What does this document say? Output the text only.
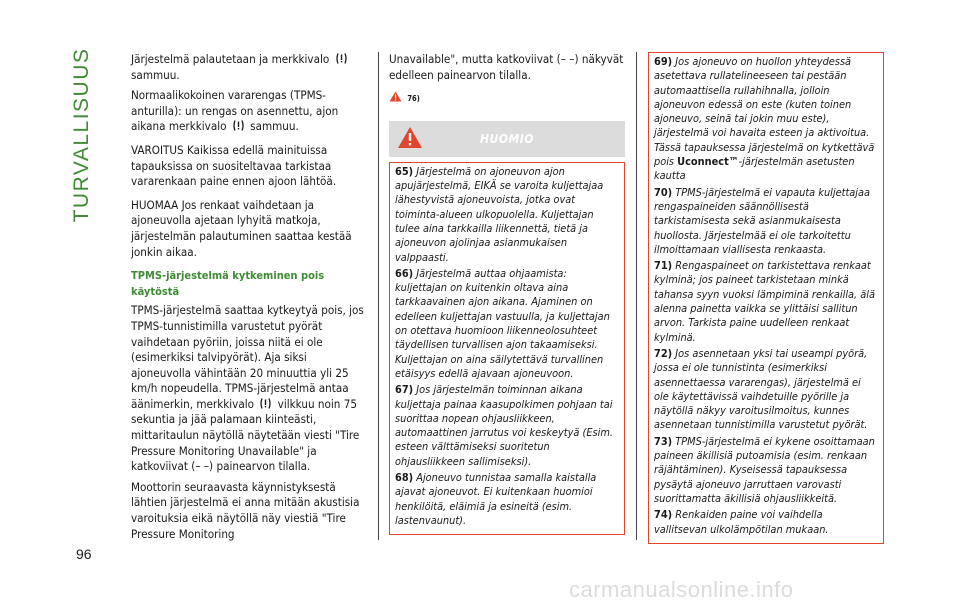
TURVALLISUUS
96

Järjestelmä palautetaan ja merkkivalo  sammuu.

Normaalikokoinen vararengas (TPMS-anturilla): un rengas on asennettu, ajon aikana merkkivalo sammuu.

VAROITUS Kaikissa edellä mainituissa tapauksissa on suositeltavaa tarkistaa vararenkaan paine ennen ajoon lähtöä.

HUOMAA Jos renkaat vaihdetaan ja ajoneuvolla ajetaan lyhyitä matkoja, järjestelmän palautuminen saattaa kestää jonkin aikaa.

TPMS-järjestelmä kytkeminen pois käytöstä

TPMS-järjestelmä saattaa kytkeytyä pois, jos TPMS-tunnistimilla varustetut pyörät vaihdetaan pyöriin, joissa niitä ei ole (esimerkiksi talvipyörät). Aja siksi ajoneuvolla vähintään 20 minuuttia yli 25 km/h nopeudella. TPMS-järjestelmä antaa äänimerkin, merkkivalo vilkkuu noin 75 sekuntia ja jää palamaan kiinteästi, mittaritaulun näytöllä näytetään viesti "Tire Pressure Monitoring Unavailable" ja katkoviivat (– –) painearvon tilalla.

Moottorin seuraavasta käynnistyksestä lähtien järjestelmä ei anna mitään akustisia varoituksia eikä näytöllä näy viestiä "Tire Pressure Monitoring

Unavailable", mutta katkoviivat (– –) näkyvät edelleen painearvon tilalla.

$^{76)}$
HUOMIO

65) Järjestelmä on ajoneuvon ajon apujärjestelmä, EIKÄ se varoita kuljettajaa lähestyvistä ajoneuvoista, jotka ovat toiminta-alueen ulkopuolella. Kuljettajan tulee aina tarkkailla liikennettä, tietä ja ajoneuvon ajolinjaa asianmukaisen valppaasti.

66) Järjestelmä auttaa ohjaamista: kuljettajan on kuitenkin oltava aina tarkkaavainen ajon aikana. Ajaminen on edelleen kuljettajan vastuulla, ja kuljettajan on otettava huomioon liikenneolosuhteet täydellisen turvallisen ajon takaamiseksi. Kuljettajan on aina säilytettävä turvallinen etäisyys edellä ajavaan ajoneuvoon.

67) Jos järjestelmän toiminnan aikana kuljettaja painaa kaasupolkimen pohjaan tai suorittaa nopean ohjausliikkeen, automaattinen jarrutus voi keskeytyä (Esim. esteen välttämiseksi suoritetun ohjausliikkeen sallimiseksi).

68) Ajoneuvo tunnistaa samalla kaistalla ajavat ajoneuvot. Ei kuitenkaan huomioi henkilöitä, eläimiä ja esineitä (esim. lastenvaunut).

69) Jos ajoneuvo on huollon yhteydessä asetettava rullatelineeseen tai pestään automaattisella rullahihnalla, jolloin ajoneuvon edessä on este (kuten toinen ajoneuvo, seinä tai jokin muu este), järjestelmä voi havaita esteen ja aktivoitua. Tässä tapauksessa järjestelmä on kytkettävä pois Uconnect™-järjestelmän asetusten kautta

70) TPMS-järjestelmä ei vapauta kuljettajaa rengaspaineiden säännöllisestä tarkistamisesta sekä asianmukaisesta huollosta. Järjestelmää ei ole tarkoitettu ilmoittamaan viallisesta renkaasta.

71) Rengaspaineet on tarkistettava renkaat kylminä; jos paineet tarkistetaan minkä tahansa syyn vuoksi lämpiminä renkailla, älä alenna painetta vaikka se ylittäisi sallitun arvon. Tarkista paine uudelleen renkaat kylminä.

72) Jos asennetaan yksi tai useampi pyörä, jossa ei ole tunnistinta (esimerkiksi asennettaessa vararengas), järjestelmä ei ole käytettävissä vaihdetuille pyörille ja näytöllä näkyy varoitusilmoitus, kunnes asennetaan tunnistimilla varustetut pyörät.

73) TPMS-järjestelmä ei kykene osoittamaan paineen äkillisiä putoamisia (esim. renkaan räjähtäminen). Kyseisessä tapauksessa pysäytä ajoneuvo jarruttaen varovasti suorittamatta äkillisiä ohjausliikkeitä.

74) Renkaiden paine voi vaihdella vallitsevan ulkolämpötilan mukaan.

carmanualsonline.info
